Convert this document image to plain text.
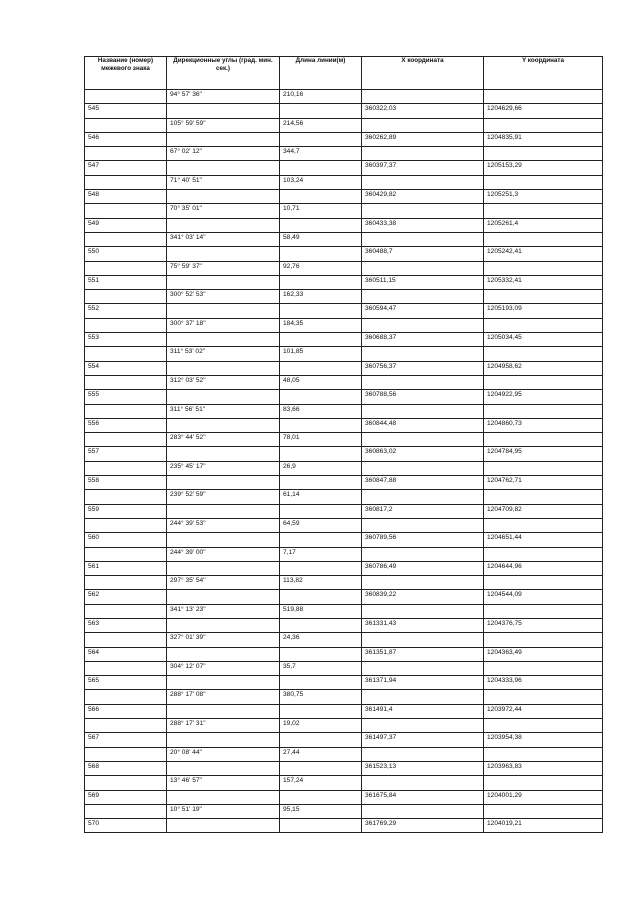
Название (номер) межевого знака	Дирекционные углы (град. мин. сек.)	Длина линии(м)	X координата	Y координата
	94° 57' 36"	210,16		
545			360322,03	1204629,66
	105° 59' 59"	214,56		
546			360262,89	1204835,91
	67° 02' 12"	344,7		
547			360397,37	1205153,29
	71° 40' 51"	103,24		
548			360429,82	1205251,3
	70° 35' 01"	10,71		
549			360433,38	1205261,4
	341° 03' 14"	58,49		
550			360488,7	1205242,41
	75° 59' 37"	92,76		
551			360511,15	1205332,41
	300° 52' 53"	162,33		
552			360594,47	1205193,09
	300° 37' 18"	184,35		
553			360688,37	1205034,45
	311° 53' 02"	101,85		
554			360756,37	1204958,62
	312° 03' 52"	48,05		
555			360788,56	1204922,95
	311° 56' 51"	83,66		
556			360844,48	1204860,73
	283° 44' 52"	78,01		
557			360863,02	1204784,95
	235° 45' 17"	26,9		
558			360847,88	1204762,71
	239° 52' 59"	61,14		
559			360817,2	1204709,82
	244° 39' 53"	64,59		
560			360789,56	1204651,44
	244° 39' 00"	7,17		
561			360786,49	1204644,96
	297° 35' 54"	113,82		
562			360839,22	1204544,09
	341° 13' 23"	519,88		
563			361331,43	1204376,75
	327° 01' 39"	24,36		
564			361351,87	1204363,49
	304° 12' 07"	35,7		
565			361371,94	1204333,96
	288° 17' 08"	380,75		
566			361491,4	1203972,44
	288° 17' 31"	19,02		
567			361497,37	1203954,38
	20° 08' 44"	27,44		
568			361523,13	1203963,83
	13° 46' 57"	157,24		
569			361675,84	1204001,29
	10° 51' 19"	95,15		
570			361769,29	1204019,21
